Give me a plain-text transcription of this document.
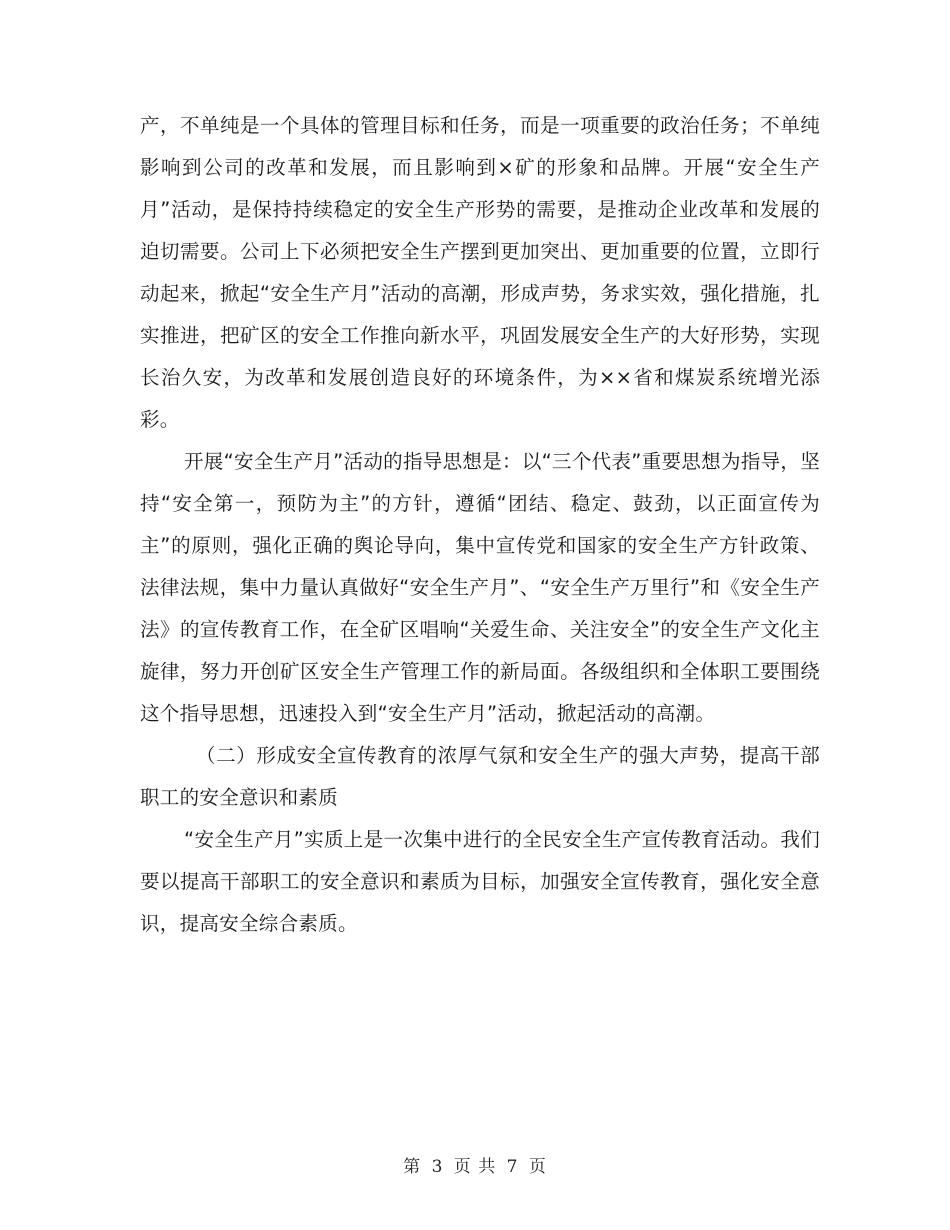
产，不单纯是一个具体的管理目标和任务，而是一项重要的政治任务；不单纯影响到公司的改革和发展，而且影响到×矿的形象和品牌。开展“安全生产月”活动，是保持持续稳定的安全生产形势的需要，是推动企业改革和发展的迫切需要。公司上下必须把安全生产摆到更加突出、更加重要的位置，立即行动起来，掀起“安全生产月”活动的高潮，形成声势，务求实效，强化措施，扎实推进，把矿区的安全工作推向新水平，巩固发展安全生产的大好形势，实现长治久安，为改革和发展创造良好的环境条件，为××省和煤炭系统增光添彩。

开展“安全生产月”活动的指导思想是：以“三个代表”重要思想为指导，坚持“安全第一，预防为主”的方针，遵循“团结、稳定、鼓劲，以正面宣传为主”的原则，强化正确的舆论导向，集中宣传党和国家的安全生产方针政策、法律法规，集中力量认真做好“安全生产月”、“安全生产万里行”和《安全生产法》的宣传教育工作，在全矿区唱响“关爱生命、关注安全”的安全生产文化主旋律，努力开创矿区安全生产管理工作的新局面。各级组织和全体职工要围绕这个指导思想，迅速投入到“安全生产月”活动，掀起活动的高潮。

（二）形成安全宣传教育的浓厚气氛和安全生产的强大声势，提高干部职工的安全意识和素质

“安全生产月”实质上是一次集中进行的全民安全生产宣传教育活动。我们要以提高干部职工的安全意识和素质为目标，加强安全宣传教育，强化安全意识，提高安全综合素质。

第 3 页 共 7 页
